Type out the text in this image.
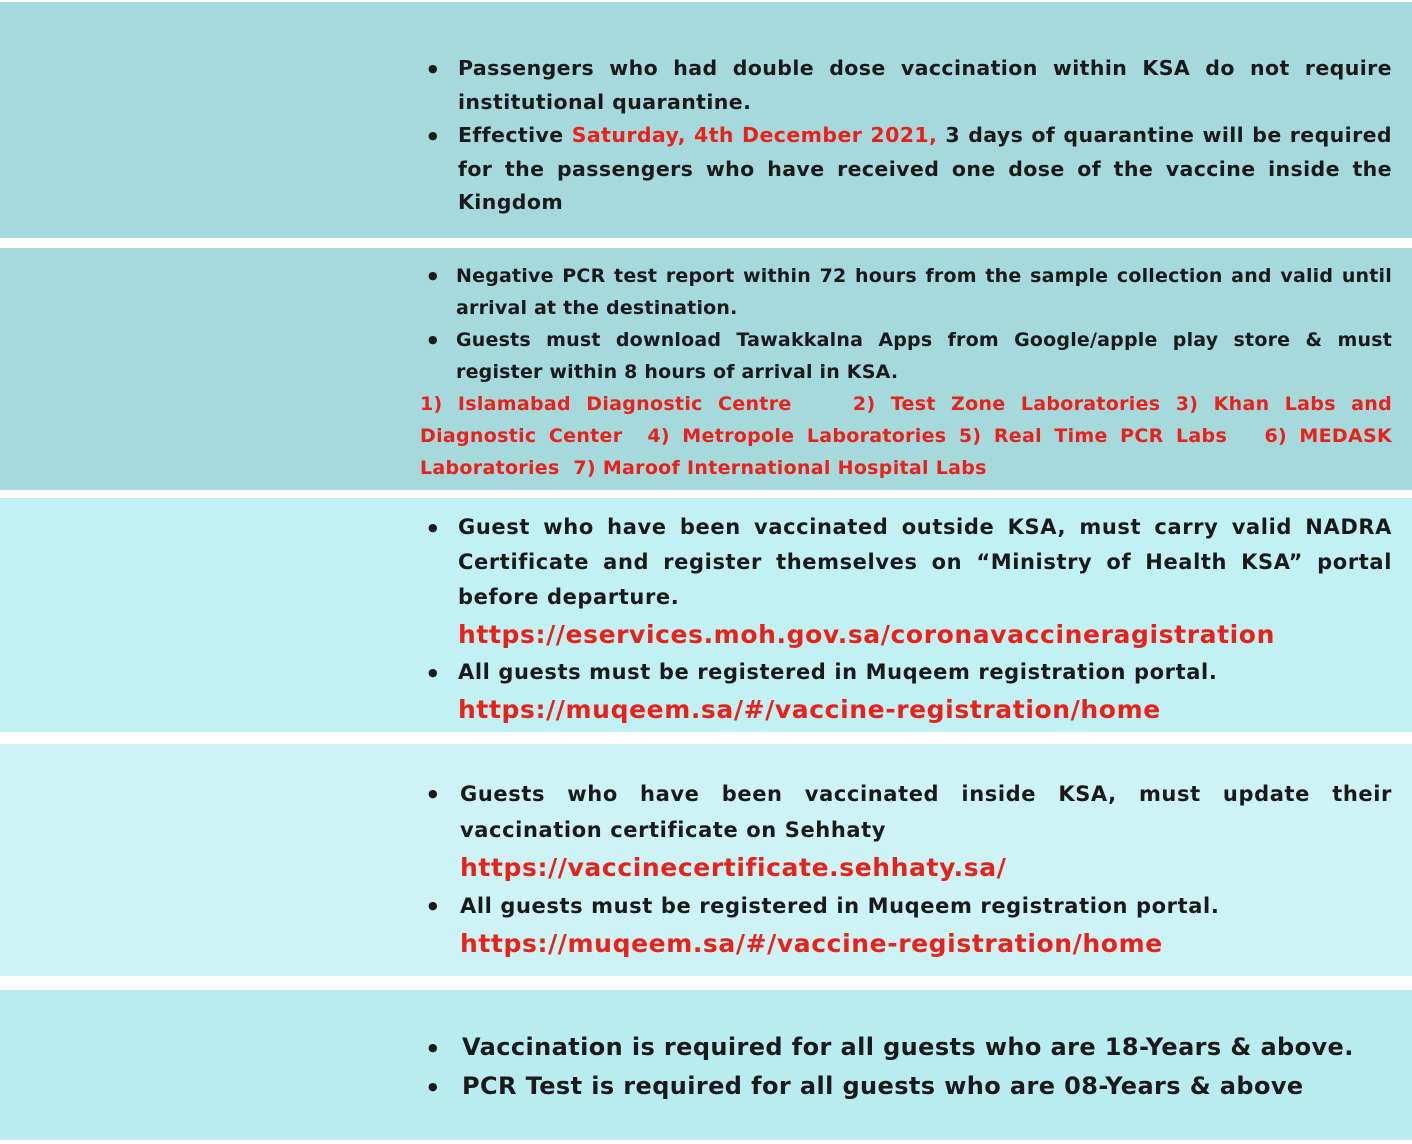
● Passengers who had double dose vaccination within KSA do not require institutional quarantine.
● Effective Saturday, 4th December 2021, 3 days of quarantine will be required for the passengers who have received one dose of the vaccine inside the Kingdom
● Negative PCR test report within 72 hours from the sample collection and valid until arrival at the destination.
● Guests must download Tawakkalna Apps from Google/apple play store & must register within 8 hours of arrival in KSA.
1) Islamabad Diagnostic Centre    2) Test Zone Laboratories 3) Khan Labs and Diagnostic Center  4) Metropole Laboratories 5) Real Time PCR Labs   6) MEDASK Laboratories  7) Maroof International Hospital Labs
● Guest who have been vaccinated outside KSA, must carry valid NADRA Certificate and register themselves on “Ministry of Health KSA” portal before departure.
https://eservices.moh.gov.sa/coronavaccineragistration
● All guests must be registered in Muqeem registration portal.
https://muqeem.sa/#/vaccine-registration/home
● Guests who have been vaccinated inside KSA, must update their vaccination certificate on Sehhaty
https://vaccinecertificate.sehhaty.sa/
● All guests must be registered in Muqeem registration portal.
https://muqeem.sa/#/vaccine-registration/home
● Vaccination is required for all guests who are 18-Years & above.
● PCR Test is required for all guests who are 08-Years & above
